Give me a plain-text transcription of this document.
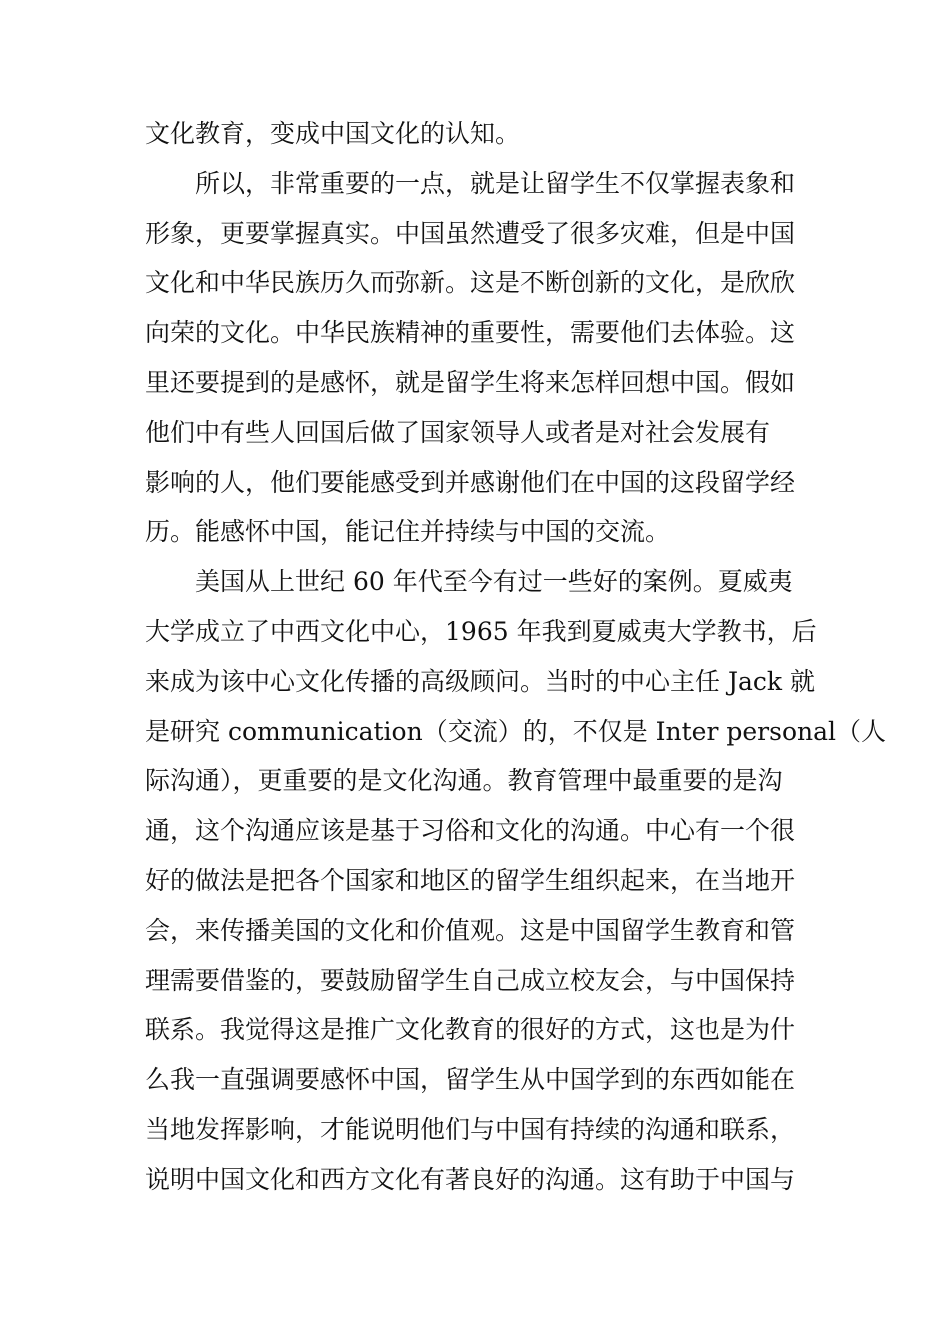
文化教育，变成中国文化的认知。
　　所以，非常重要的一点，就是让留学生不仅掌握表象和
形象，更要掌握真实。中国虽然遭受了很多灾难，但是中国
文化和中华民族历久而弥新。这是不断创新的文化，是欣欣
向荣的文化。中华民族精神的重要性，需要他们去体验。这
里还要提到的是感怀，就是留学生将来怎样回想中国。假如
他们中有些人回国后做了国家领导人或者是对社会发展有
影响的人，他们要能感受到并感谢他们在中国的这段留学经
历。能感怀中国，能记住并持续与中国的交流。
　　美国从上世纪 60 年代至今有过一些好的案例。夏威夷
大学成立了中西文化中心，1965 年我到夏威夷大学教书，后
来成为该中心文化传播的高级顾问。当时的中心主任 Jack 就
是研究 communication（交流）的，不仅是 Inter personal（人
际沟通），更重要的是文化沟通。教育管理中最重要的是沟
通，这个沟通应该是基于习俗和文化的沟通。中心有一个很
好的做法是把各个国家和地区的留学生组织起来，在当地开
会，来传播美国的文化和价值观。这是中国留学生教育和管
理需要借鉴的，要鼓励留学生自己成立校友会，与中国保持
联系。我觉得这是推广文化教育的很好的方式，这也是为什
么我一直强调要感怀中国，留学生从中国学到的东西如能在
当地发挥影响，才能说明他们与中国有持续的沟通和联系，
说明中国文化和西方文化有著良好的沟通。这有助于中国与
